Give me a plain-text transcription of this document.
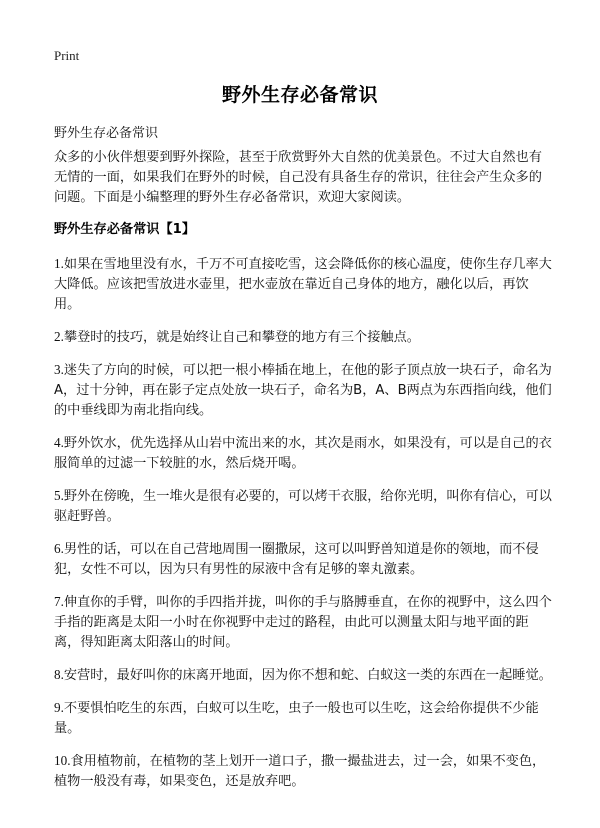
Print
野外生存必备常识
野外生存必备常识

众多的小伙伴想要到野外探险，甚至于欣赏野外大自然的优美景色。不过大自然也有无情的一面，如果我们在野外的时候，自己没有具备生存的常识，往往会产生众多的问题。下面是小编整理的野外生存必备常识，欢迎大家阅读。

野外生存必备常识【1】

1.如果在雪地里没有水，千万不可直接吃雪，这会降低你的核心温度，使你生存几率大大降低。应该把雪放进水壶里，把水壶放在靠近自己身体的地方，融化以后，再饮用。

2.攀登时的技巧，就是始终让自己和攀登的地方有三个接触点。

3.迷失了方向的时候，可以把一根小棒插在地上，在他的影子顶点放一块石子，命名为A，过十分钟，再在影子定点处放一块石子，命名为B，A、B两点为东西指向线，他们的中垂线即为南北指向线。

4.野外饮水，优先选择从山岩中流出来的水，其次是雨水，如果没有，可以是自己的衣服简单的过滤一下较脏的水，然后烧开喝。

5.野外在傍晚，生一堆火是很有必要的，可以烤干衣服，给你光明，叫你有信心，可以驱赶野兽。

6.男性的话，可以在自己营地周围一圈撒尿，这可以叫野兽知道是你的领地，而不侵犯，女性不可以，因为只有男性的尿液中含有足够的睾丸激素。

7.伸直你的手臂，叫你的手四指并拢，叫你的手与胳膊垂直，在你的视野中，这么四个手指的距离是太阳一小时在你视野中走过的路程，由此可以测量太阳与地平面的距离，得知距离太阳落山的时间。

8.安营时，最好叫你的床离开地面，因为你不想和蛇、白蚁这一类的东西在一起睡觉。

9.不要惧怕吃生的东西，白蚁可以生吃，虫子一般也可以生吃，这会给你提供不少能量。

10.食用植物前，在植物的茎上划开一道口子，撒一撮盐进去，过一会，如果不变色，植物一般没有毒，如果变色，还是放弃吧。
